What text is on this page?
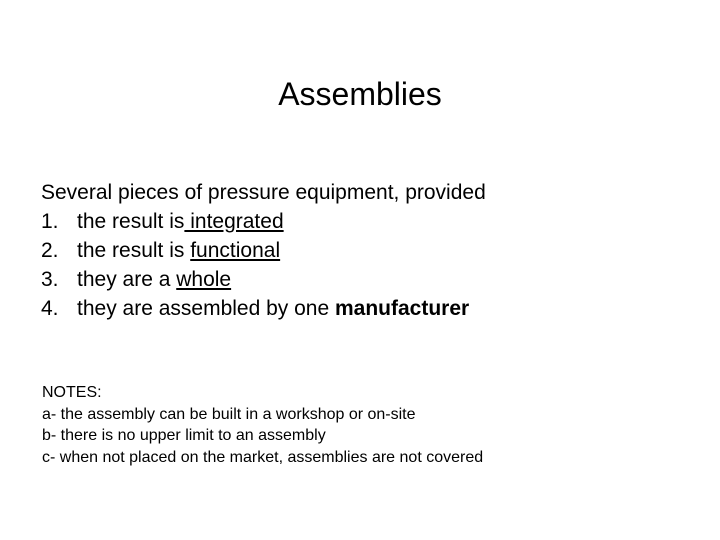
Assemblies
Several pieces of pressure equipment, provided
1. the result is integrated
2. the result is functional
3. they are a whole
4. they are assembled by one manufacturer
NOTES:
a- the assembly can be built in a workshop or on-site
b- there is no upper limit to an assembly
c- when not placed on the market, assemblies are not covered
